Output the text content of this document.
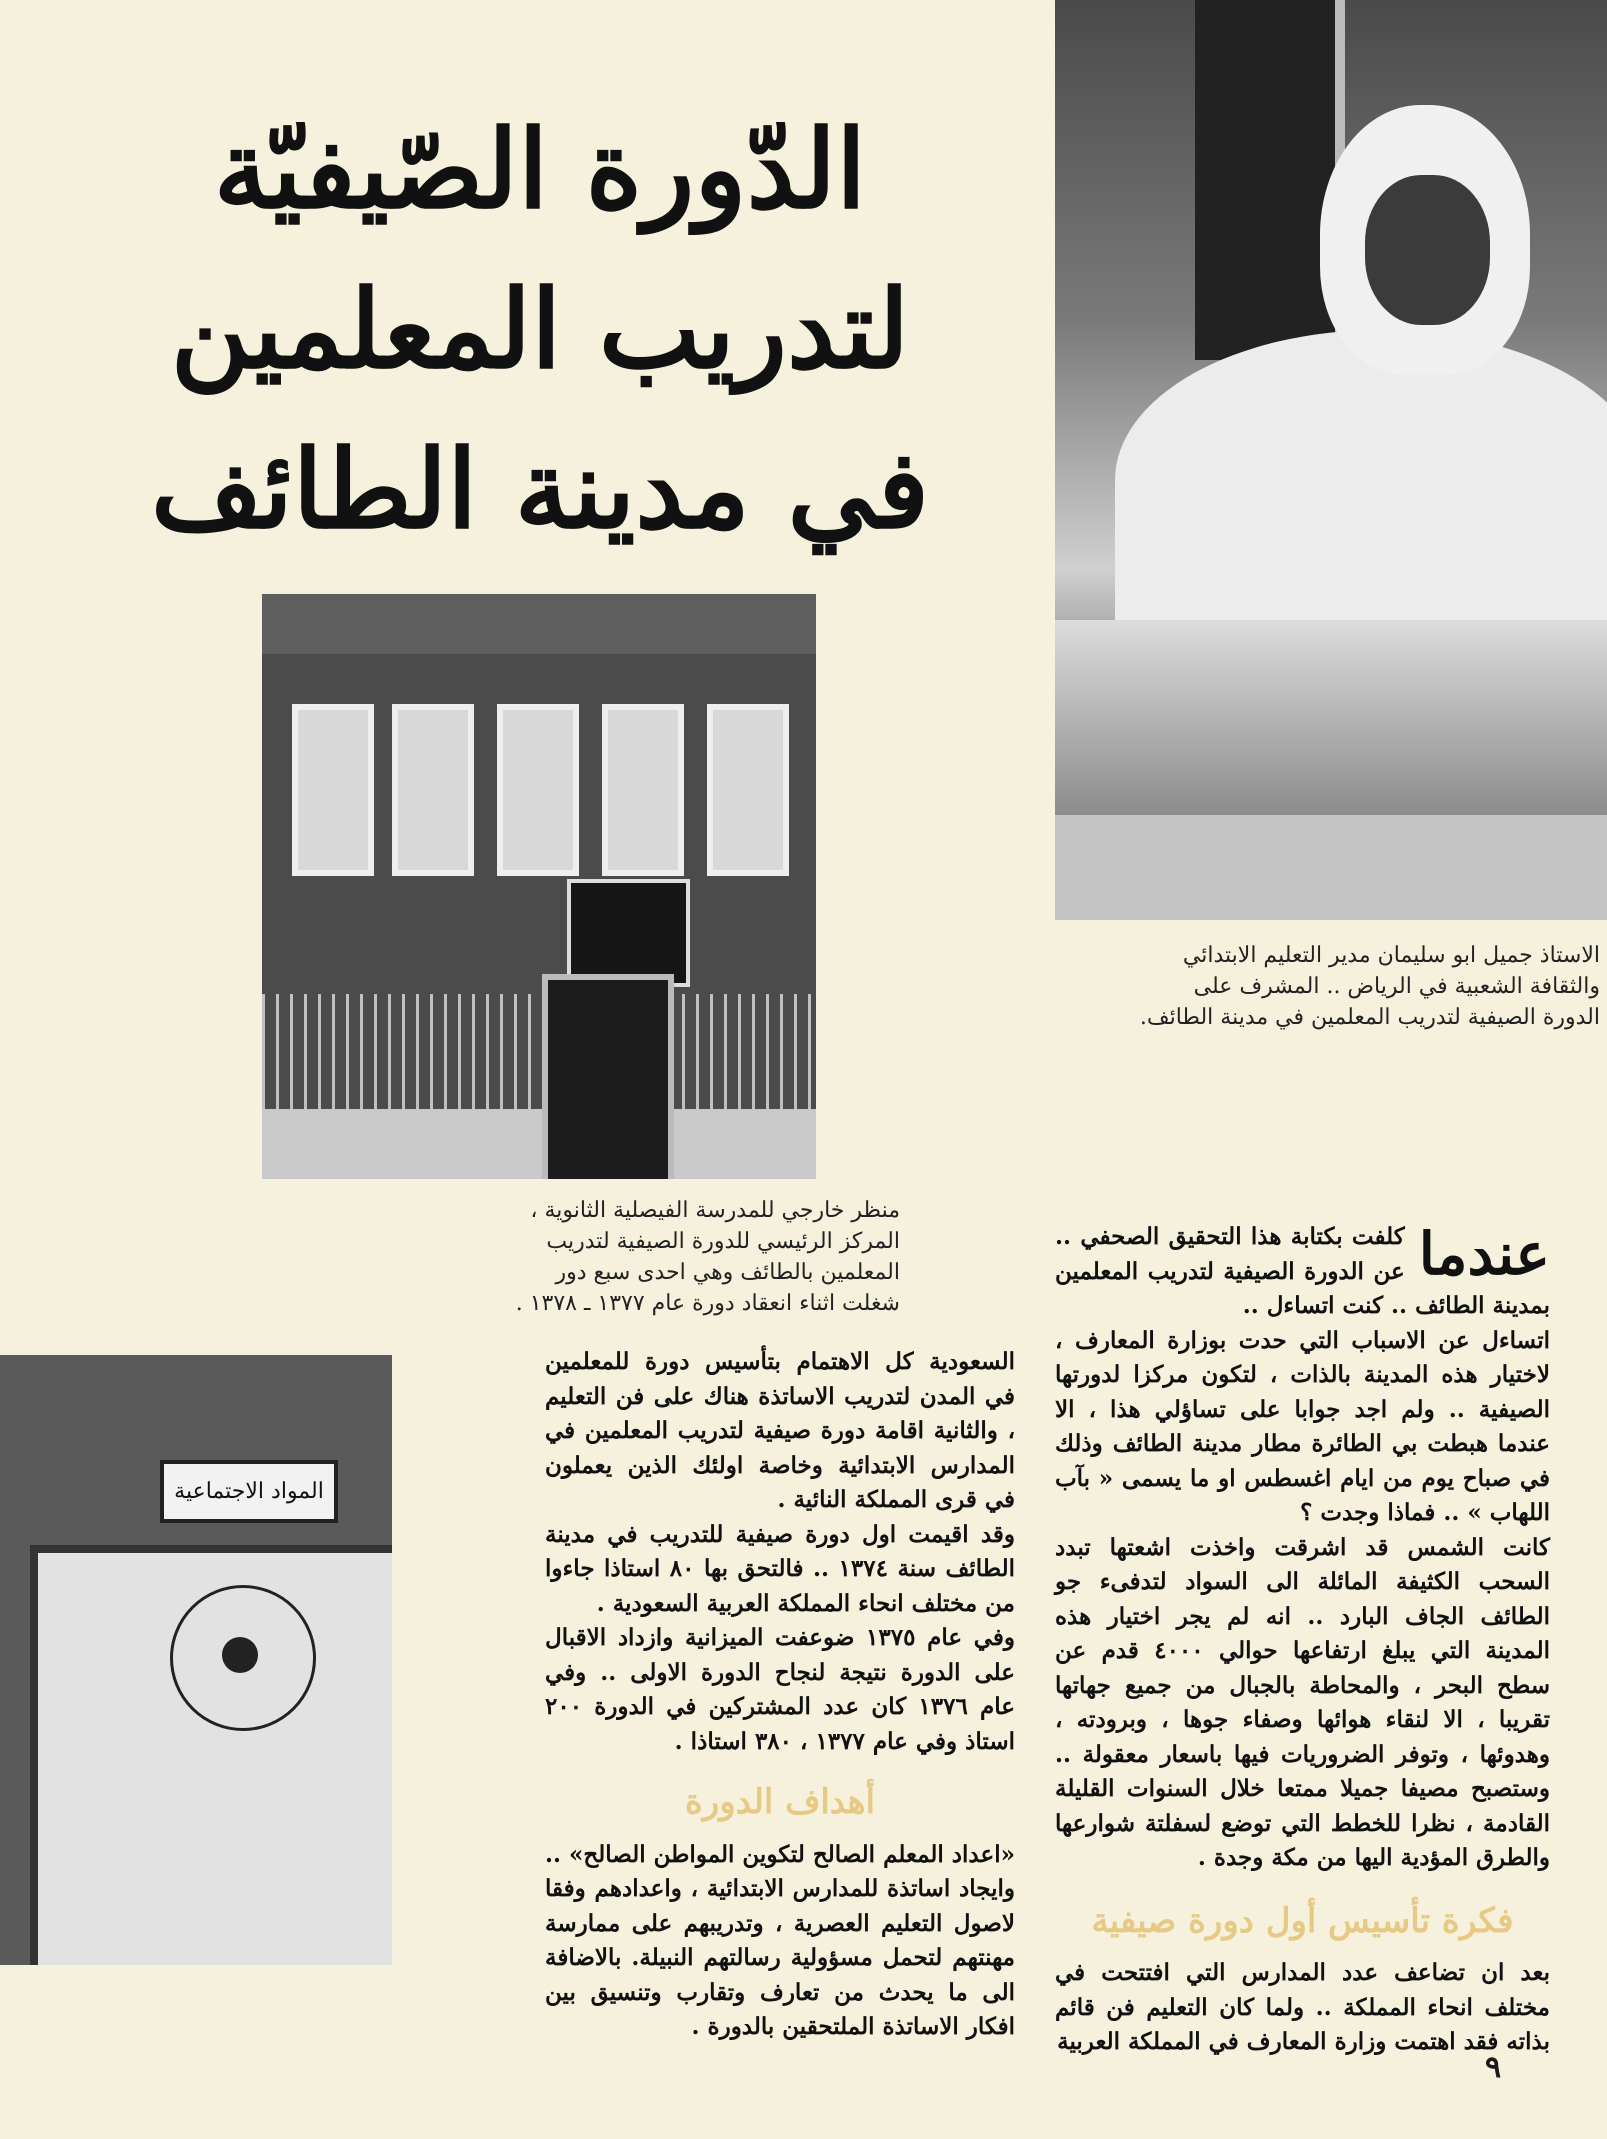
الدّورة الصّيفيّة لتدريب المعلمين
في مدينة الطائف
الاستاذ جميل ابو سليمان مدير التعليم الابتدائي والثقافة الشعبية في الرياض .. المشرف على الدورة الصيفية لتدريب المعلمين في مدينة الطائف.
منظر خارجي للمدرسة الفيصلية الثانوية ، المركز الرئيسي للدورة الصيفية لتدريب المعلمين بالطائف وهي احدى سبع دور شغلت اثناء انعقاد دورة عام ١٣٧٧ ـ ١٣٧٨ .
المواد الاجتماعية
عندما

كلفت بكتابة هذا التحقيق الصحفي .. عن الدورة الصيفية لتدريب المعلمين بمدينة الطائف .. كنت اتساءل ..

اتساءل عن الاسباب التي حدت بوزارة المعارف ، لاختيار هذه المدينة بالذات ، لتكون مركزا لدورتها الصيفية .. ولم اجد جوابا على تساؤلي هذا ، الا عندما هبطت بي الطائرة مطار مدينة الطائف وذلك في صباح يوم من ايام اغسطس او ما يسمى « بآب اللهاب » .. فماذا وجدت ؟

كانت الشمس قد اشرقت واخذت اشعتها تبدد السحب الكثيفة المائلة الى السواد لتدفىء جو الطائف الجاف البارد .. انه لم يجر اختيار هذه المدينة التي يبلغ ارتفاعها حوالي ٤٠٠٠ قدم عن سطح البحر ، والمحاطة بالجبال من جميع جهاتها تقريبا ، الا لنقاء هوائها وصفاء جوها ، وبرودته ، وهدوئها ، وتوفر الضروريات فيها باسعار معقولة .. وستصبح مصيفا جميلا ممتعا خلال السنوات القليلة القادمة ، نظرا للخطط التي توضع لسفلتة شوارعها والطرق المؤدية اليها من مكة وجدة .

فكرة تأسيس أول دورة صيفية

بعد ان تضاعف عدد المدارس التي افتتحت في مختلف انحاء المملكة .. ولما كان التعليم فن قائم بذاته فقد اهتمت وزارة المعارف في المملكة العربية

السعودية كل الاهتمام بتأسيس دورة للمعلمين في المدن لتدريب الاساتذة هناك على فن التعليم ، والثانية اقامة دورة صيفية لتدريب المعلمين في المدارس الابتدائية وخاصة اولئك الذين يعملون في قرى المملكة النائية .

وقد اقيمت اول دورة صيفية للتدريب في مدينة الطائف سنة ١٣٧٤ .. فالتحق بها ٨٠ استاذا جاءوا من مختلف انحاء المملكة العربية السعودية .

وفي عام ١٣٧٥ ضوعفت الميزانية وازداد الاقبال على الدورة نتيجة لنجاح الدورة الاولى .. وفي عام ١٣٧٦ كان عدد المشتركين في الدورة ٢٠٠ استاذ وفي عام ١٣٧٧ ، ٣٨٠ استاذا .

أهداف الدورة

«اعداد المعلم الصالح لتكوين المواطن الصالح» .. وايجاد اساتذة للمدارس الابتدائية ، واعدادهم وفقا لاصول التعليم العصرية ، وتدريبهم على ممارسة مهنتهم لتحمل مسؤولية رسالتهم النبيلة. بالاضافة الى ما يحدث من تعارف وتقارب وتنسيق بين افكار الاساتذة الملتحقين بالدورة .

٩
